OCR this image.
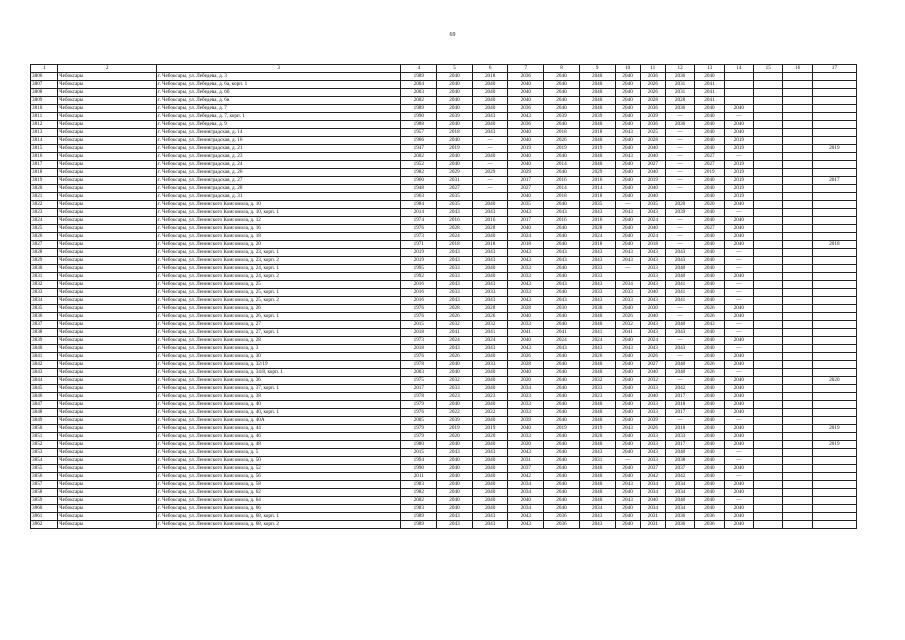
69
1	2	3	4	5	6	7	8	9	10	11	12	13	14	15	16	17
3806	Чебоксары	г. Чебоксары, ул. Лебедева, д. 3	1989	2040	2018	2036	2040	2040	2040	2036	2036	2040				
3807	Чебоксары	г. Чебоксары, ул. Лебедева, д. 6а, корп. 1	2004	2040	2040	2040	2040	2040	2040	2026	2031	2041				
3808	Чебоксары	г. Чебоксары, ул. Лебедева, д. 6б	2003	2040	2040	2040	2040	2040	2040	2026	2031	2041				
3809	Чебоксары	г. Чебоксары, ул. Лебедева, д. 6в	2002	2040	2040	2040	2040	2040	2040	2028	2028	2041				
3810	Чебоксары	г. Чебоксары, ул. Лебедева, д. 7	1989	2040	2040	2036	2040	2040	2040	2036	2036	2040	2040			
3811	Чебоксары	г. Чебоксары, ул. Лебедева, д. 7, корп. 1	1990	2039	2043	2043	2039	2039	2040	2039	—	2040	—			
3812	Чебоксары	г. Чебоксары, ул. Лебедева, д. 9	1988	2040	2040	2036	2040	2040	2040	2036	2036	2040	2040			
3813	Чебоксары	г. Чебоксары, ул. Ленинградская, д. 14	1957	2018	2043	2040	2018	2018	2043	2025	—	2040	2040			
3814	Чебоксары	г. Чебоксары, ул. Ленинградская, д. 16	1966	2040	—	2040	2026	2040	2040	2028	—	2040	2019			
3815	Чебоксары	г. Чебоксары, ул. Ленинградская, д. 21	1947	2019	—	2019	2019	2019	2040	2040	—	2040	2019			2019
3816	Чебоксары	г. Чебоксары, ул. Ленинградская, д. 23	2002	2040	2040	2040	2040	2040	2043	2040	—	2027	—			
3817	Чебоксары	г. Чебоксары, ул. Ленинградская, д. 24	1952	2040	—	2040	2014	2040	2040	2027	—	2027	2019			
3818	Чебоксары	г. Чебоксары, ул. Ленинградская, д. 26	1982	2029	2029	2029	2040	2029	2040	2040	—	2019	2019			
3819	Чебоксары	г. Чебоксары, ул. Ленинградская, д. 27	1960	2031	—	2017	2016	2016	2040	2019	—	2040	2019			2017
3820	Чебоксары	г. Чебоксары, ул. Ленинградская, д. 28	1948	2027	—	2027	2014	2014	2040	2040	—	2040	2019			
3821	Чебоксары	г. Чебоксары, ул. Ленинградская, д. 31	1963	2035		2040	2018	2018	2040	2040		2040	2019			
3822	Чебоксары	г. Чебоксары, ул. Ленинского Комсомола, д. 10	1984	2035	2040	2035	2040	2035	—	2035	2020	2020	2040			
3823	Чебоксары	г. Чебоксары, ул. Ленинского Комсомола, д. 10, корп. 1	2014	2043	2043	2043	2043	2043	2043	2043	2039	2040	—			
3824	Чебоксары	г. Чебоксары, ул. Ленинского Комсомола, д. 12	1974	2016	2016	2017	2016	2016	2040	2024	—	2040	2040			
3825	Чебоксары	г. Чебоксары, ул. Ленинского Комсомола, д. 16	1976	2028	2028	2040	2040	2028	2040	2040	—	2027	2040			
3826	Чебоксары	г. Чебоксары, ул. Ленинского Комсомола, д. 18	1973	2024	2040	2024	2040	2024	2040	2024	—	2040	2040			
3827	Чебоксары	г. Чебоксары, ул. Ленинского Комсомола, д. 20	1971	2018	2018	2018	2040	2018	2040	2018	—	2040	2040			2018
3828	Чебоксары	г. Чебоксары, ул. Ленинского Комсомола, д. 23, корп. 1	2019	2043	2043	2043	2043	2043	2043	2043	2043	2040	—			
3829	Чебоксары	г. Чебоксары, ул. Ленинского Комсомола, д. 23, корп. 2	2019	2043	2043	2043	2043	2043	2043	2043	2043	2040	—			
3830	Чебоксары	г. Чебоксары, ул. Ленинского Комсомола, д. 24, корп. 1	1995	2033	2040	2033	2040	2033	—	2033	2040	2040	—			
3831	Чебоксары	г. Чебоксары, ул. Ленинского Комсомола, д. 24, корп. 2	1992	2033	2040	2033	2040	2033		2033	2040	2040	2040			
3832	Чебоксары	г. Чебоксары, ул. Ленинского Комсомола, д. 25	2016	2043	2043	2043	2043	2043	2034	2043	2041	2040	—			
3833	Чебоксары	г. Чебоксары, ул. Ленинского Комсомола, д. 25, корп. 1	2016	2033	2033	2033	2040	2033	2033	2040	2041	2040	—			
3834	Чебоксары	г. Чебоксары, ул. Ленинского Комсомола, д. 25, корп. 2	2016	2043	2043	2043	2043	2043	2033	2043	2041	2040	—			
3835	Чебоксары	г. Чебоксары, ул. Ленинского Комсомола, д. 26	1976	2028	2028	2028	2030	2030	2040	2030	—	2026	2040			
3836	Чебоксары	г. Чебоксары, ул. Ленинского Комсомола, д. 26, корп. 1	1976	2026	2026	2040	2040	2040	2026	2040	—	2026	2040			
3837	Чебоксары	г. Чебоксары, ул. Ленинского Комсомола, д. 27	2015	2032	2032	2033	2040	2040	2032	2043	2040	2043	—			
3838	Чебоксары	г. Чебоксары, ул. Ленинского Комсомола, д. 27, корп. 1	2018	2041	2041	2041	2041	2041	2041	2043	2043	2040	—			
3839	Чебоксары	г. Чебоксары, ул. Ленинского Комсомола, д. 28	1973	2024	2024	2040	2024	2024	2040	2024	—	2040	2040			
3840	Чебоксары	г. Чебоксары, ул. Ленинского Комсомола, д. 3	2018	2043	2043	2043	2043	2043	2043	2043	2043	2040	—			
3841	Чебоксары	г. Чебоксары, ул. Ленинского Комсомола, д. 30	1976	2026	2040	2026	2040	2026	2040	2026	—	2040	2040			
3842	Чебоксары	г. Чебоксары, ул. Ленинского Комсомола, д. 32/19	1978	2040	2033	2028	2040	2040	2040	2027	2040	2026	2040			
3843	Чебоксары	г. Чебоксары, ул. Ленинского Комсомола, д. 34/8, корп. 1	2003	2040	2040	2040	2040	2040	2040	2040	2040	2026	—			
3844	Чебоксары	г. Чебоксары, ул. Ленинского Комсомола, д. 36	1975	2032	2040	2020	2040	2032	2040	2032	—	2040	2040			2020
3845	Чебоксары	г. Чебоксары, ул. Ленинского Комсомола, д. 37, корп. 1	2017	2033	2040	2034	2040	2033	2040	2033	2042	2040	2040			
3846	Чебоксары	г. Чебоксары, ул. Ленинского Комсомола, д. 38	1978	2023	2023	2023	2040	2023	2040	2040	2017	2040	2040			
3847	Чебоксары	г. Чебоксары, ул. Ленинского Комсомола, д. 40	1979	2040	2040	2033	2040	2040	2040	2033	2018	2040	2040			
3848	Чебоксары	г. Чебоксары, ул. Ленинского Комсомола, д. 40, корп. 1	1976	2022	2022	2033	2040	2040	2040	2033	2017	2040	2040			
3849	Чебоксары	г. Чебоксары, ул. Ленинского Комсомола, д. 40А	2005	2039	2040	2039	2040	2040	2040	2039	—	2040	—			
3850	Чебоксары	г. Чебоксары, ул. Ленинского Комсомола, д. 44	1979	2019	2019	2040	2019	2019	2043	2026	2018	2040	2040			2019
3851	Чебоксары	г. Чебоксары, ул. Ленинского Комсомола, д. 46	1979	2020	2020	2033	2040	2020	2040	2033	2033	2040	2040			
3852	Чебоксары	г. Чебоксары, ул. Ленинского Комсомола, д. 48	1980	2040	2040	2020	2040	2040	2040	2033	2017	2040	2040			2019
3853	Чебоксары	г. Чебоксары, ул. Ленинского Комсомола, д. 5	2015	2043	2043	2043	2040	2043	2040	2043	2040	2040	—			
3854	Чебоксары	г. Чебоксары, ул. Ленинского Комсомола, д. 50	1994	2040	2040	2031	2040	2031	—	2033	2038	2040	—			
3855	Чебоксары	г. Чебоксары, ул. Ленинского Комсомола, д. 52	1990	2040	2040	2037	2040	2040	2040	2037	2037	2040	2040			
3856	Чебоксары	г. Чебоксары, ул. Ленинского Комсомола, д. 56	2011	2040	2040	2042	2040	2040	2040	2042	2042	2040	—			
3857	Чебоксары	г. Чебоксары, ул. Ленинского Комсомола, д. 58	1983	2040	2040	2034	2040	2040	2043	2034	2034	2040	2040			
3858	Чебоксары	г. Чебоксары, ул. Ленинского Комсомола, д. 62	1982	2040	2040	2034	2040	2040	2040	2034	2034	2040	2040			
3859	Чебоксары	г. Чебоксары, ул. Ленинского Комсомола, д. 64	2002	2040	2040	2040	2040	2040	2043	2040	2040	2040	—			
3860	Чебоксары	г. Чебоксары, ул. Ленинского Комсомола, д. 66	1983	2040	2040	2034	2040	2034	2040	2034	2034	2040	2040			
3861	Чебоксары	г. Чебоксары, ул. Ленинского Комсомола, д. 68, корп. 1	1989	2043	2043	2043	2036	2043	2040	2031	2036	2036	2040			
3862	Чебоксары	г. Чебоксары, ул. Ленинского Комсомола, д. 68, корп. 2	1989	2043	2043	2043	2036	2043	2040	2031	2036	2036	2040			
